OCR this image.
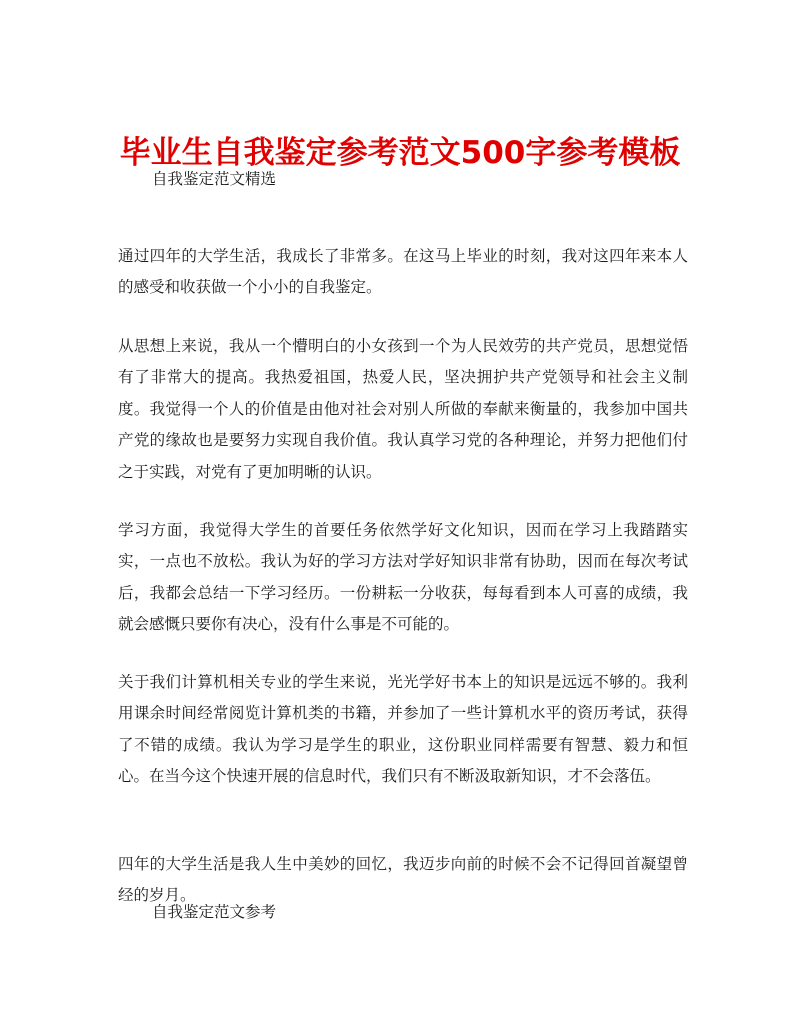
毕业生自我鉴定参考范文500字参考模板
自我鉴定范文精选

通过四年的大学生活，我成长了非常多。在这马上毕业的时刻，我对这四年来本人的感受和收获做一个小小的自我鉴定。

从思想上来说，我从一个懵明白的小女孩到一个为人民效劳的共产党员，思想觉悟有了非常大的提高。我热爱祖国，热爱人民，坚决拥护共产党领导和社会主义制度。我觉得一个人的价值是由他对社会对别人所做的奉献来衡量的，我参加中国共产党的缘故也是要努力实现自我价值。我认真学习党的各种理论，并努力把他们付之于实践，对党有了更加明晰的认识。

学习方面，我觉得大学生的首要任务依然学好文化知识，因而在学习上我踏踏实实，一点也不放松。我认为好的学习方法对学好知识非常有协助，因而在每次考试后，我都会总结一下学习经历。一份耕耘一分收获，每每看到本人可喜的成绩，我就会感慨只要你有决心，没有什么事是不可能的。

关于我们计算机相关专业的学生来说，光光学好书本上的知识是远远不够的。我利用课余时间经常阅览计算机类的书籍，并参加了一些计算机水平的资历考试，获得了不错的成绩。我认为学习是学生的职业，这份职业同样需要有智慧、毅力和恒心。在当今这个快速开展的信息时代，我们只有不断汲取新知识，才不会落伍。

四年的大学生活是我人生中美妙的回忆，我迈步向前的时候不会不记得回首凝望曾经的岁月。

自我鉴定范文参考
